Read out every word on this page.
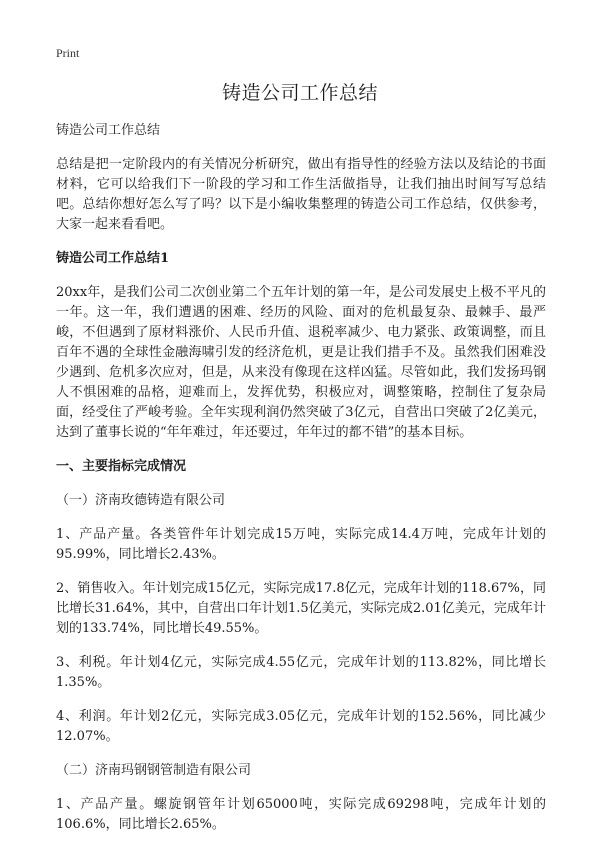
Print
铸造公司工作总结

铸造公司工作总结

总结是把一定阶段内的有关情况分析研究，做出有指导性的经验方法以及结论的书面材料，它可以给我们下一阶段的学习和工作生活做指导，让我们抽出时间写写总结吧。总结你想好怎么写了吗？以下是小编收集整理的铸造公司工作总结，仅供参考，大家一起来看看吧。

铸造公司工作总结1

20xx年，是我们公司二次创业第二个五年计划的第一年，是公司发展史上极不平凡的一年。这一年，我们遭遇的困难、经历的风险、面对的危机最复杂、最棘手、最严峻，不但遇到了原材料涨价、人民币升值、退税率减少、电力紧张、政策调整，而且百年不遇的全球性金融海啸引发的经济危机，更是让我们措手不及。虽然我们困难没少遇到、危机多次应对，但是，从来没有像现在这样凶猛。尽管如此，我们发扬玛钢人不惧困难的品格，迎难而上，发挥优势，积极应对，调整策略，控制住了复杂局面，经受住了严峻考验。全年实现利润仍然突破了3亿元，自营出口突破了2亿美元，达到了董事长说的“年年难过，年还要过，年年过的都不错”的基本目标。

一、主要指标完成情况

（一）济南玫德铸造有限公司

1、产品产量。各类管件年计划完成15万吨，实际完成14.4万吨，完成年计划的95.99%，同比增长2.43%。

2、销售收入。年计划完成15亿元，实际完成17.8亿元，完成年计划的118.67%，同比增长31.64%，其中，自营出口年计划1.5亿美元，实际完成2.01亿美元，完成年计划的133.74%，同比增长49.55%。

3、利税。年计划4亿元，实际完成4.55亿元，完成年计划的113.82%，同比增长1.35%。

4、利润。年计划2亿元，实际完成3.05亿元，完成年计划的152.56%，同比减少12.07%。

（二）济南玛钢钢管制造有限公司

1、产品产量。螺旋钢管年计划65000吨，实际完成69298吨，完成年计划的106.6%，同比增长2.65%。
